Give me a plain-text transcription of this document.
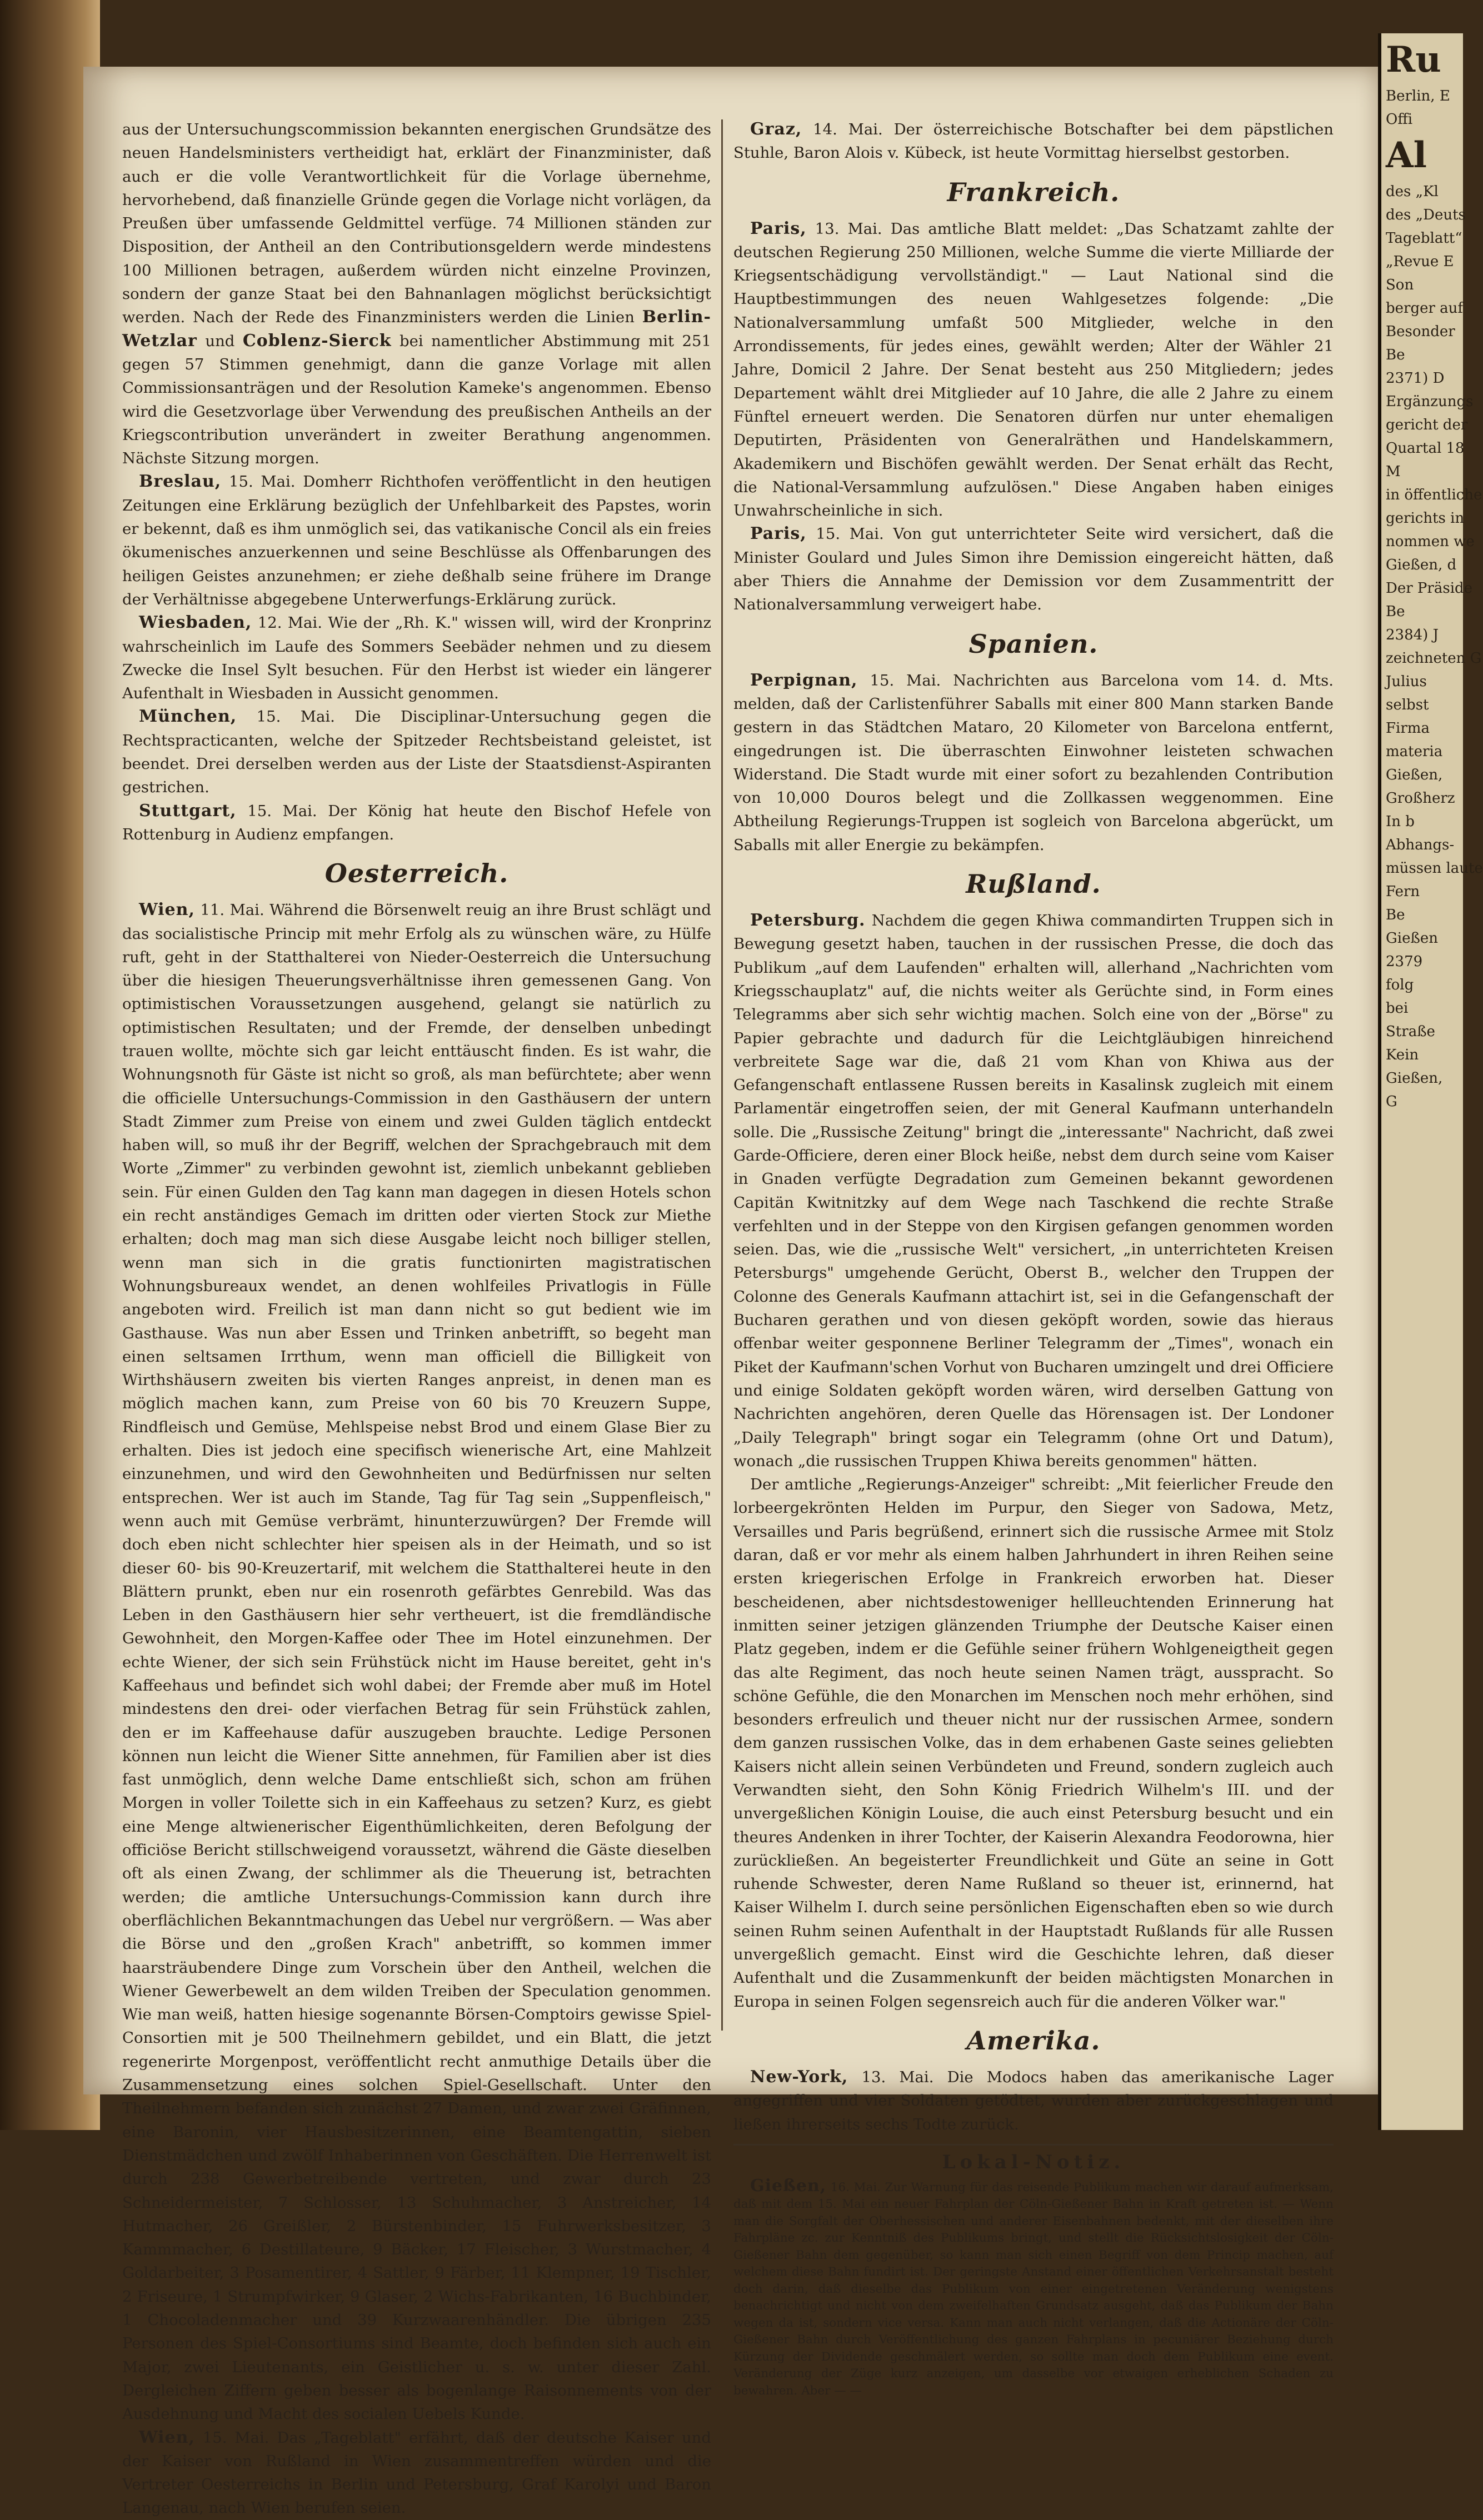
aus der Untersuchungscommission bekannten energischen Grundsätze des neuen Handelsministers vertheidigt hat, erklärt der Finanzminister, daß auch er die volle Verantwortlichkeit für die Vorlage übernehme, hervorhebend, daß finanzielle Gründe gegen die Vorlage nicht vorlägen, da Preußen über umfassende Geldmittel verfüge. 74 Millionen ständen zur Disposition, der Antheil an den Contributionsgeldern werde mindestens 100 Millionen betragen, außerdem würden nicht einzelne Provinzen, sondern der ganze Staat bei den Bahnanlagen möglichst berücksichtigt werden. Nach der Rede des Finanzministers werden die Linien Berlin-Wetzlar und Coblenz-Sierck bei namentlicher Abstimmung mit 251 gegen 57 Stimmen genehmigt, dann die ganze Vorlage mit allen Commissionsanträgen und der Resolution Kameke's angenommen. Ebenso wird die Gesetzvorlage über Verwendung des preußischen Antheils an der Kriegscontribution unverändert in zweiter Berathung angenommen. Nächste Sitzung morgen.

Breslau, 15. Mai. Domherr Richthofen veröffentlicht in den heutigen Zeitungen eine Erklärung bezüglich der Unfehlbarkeit des Papstes, worin er bekennt, daß es ihm unmöglich sei, das vatikanische Concil als ein freies ökumenisches anzuerkennen und seine Beschlüsse als Offenbarungen des heiligen Geistes anzunehmen; er ziehe deßhalb seine frühere im Drange der Verhältnisse abgegebene Unterwerfungs-Erklärung zurück.

Wiesbaden, 12. Mai. Wie der „Rh. K." wissen will, wird der Kronprinz wahrscheinlich im Laufe des Sommers Seebäder nehmen und zu diesem Zwecke die Insel Sylt besuchen. Für den Herbst ist wieder ein längerer Aufenthalt in Wiesbaden in Aussicht genommen.

München, 15. Mai. Die Disciplinar-Untersuchung gegen die Rechtspracticanten, welche der Spitzeder Rechtsbeistand geleistet, ist beendet. Drei derselben werden aus der Liste der Staatsdienst-Aspiranten gestrichen.

Stuttgart, 15. Mai. Der König hat heute den Bischof Hefele von Rottenburg in Audienz empfangen.

Oesterreich.

Wien, 11. Mai. Während die Börsenwelt reuig an ihre Brust schlägt und das socialistische Princip mit mehr Erfolg als zu wünschen wäre, zu Hülfe ruft, geht in der Statthalterei von Nieder-Oesterreich die Untersuchung über die hiesigen Theuerungsverhältnisse ihren gemessenen Gang. Von optimistischen Voraussetzungen ausgehend, gelangt sie natürlich zu optimistischen Resultaten; und der Fremde, der denselben unbedingt trauen wollte, möchte sich gar leicht enttäuscht finden. Es ist wahr, die Wohnungsnoth für Gäste ist nicht so groß, als man befürchtete; aber wenn die officielle Untersuchungs-Commission in den Gasthäusern der untern Stadt Zimmer zum Preise von einem und zwei Gulden täglich entdeckt haben will, so muß ihr der Begriff, welchen der Sprachgebrauch mit dem Worte „Zimmer" zu verbinden gewohnt ist, ziemlich unbekannt geblieben sein. Für einen Gulden den Tag kann man dagegen in diesen Hotels schon ein recht anständiges Gemach im dritten oder vierten Stock zur Miethe erhalten; doch mag man sich diese Ausgabe leicht noch billiger stellen, wenn man sich in die gratis functionirten magistratischen Wohnungsbureaux wendet, an denen wohlfeiles Privatlogis in Fülle angeboten wird. Freilich ist man dann nicht so gut bedient wie im Gasthause. Was nun aber Essen und Trinken anbetrifft, so begeht man einen seltsamen Irrthum, wenn man officiell die Billigkeit von Wirthshäusern zweiten bis vierten Ranges anpreist, in denen man es möglich machen kann, zum Preise von 60 bis 70 Kreuzern Suppe, Rindfleisch und Gemüse, Mehlspeise nebst Brod und einem Glase Bier zu erhalten. Dies ist jedoch eine specifisch wienerische Art, eine Mahlzeit einzunehmen, und wird den Gewohnheiten und Bedürfnissen nur selten entsprechen. Wer ist auch im Stande, Tag für Tag sein „Suppenfleisch," wenn auch mit Gemüse verbrämt, hinunterzuwürgen? Der Fremde will doch eben nicht schlechter hier speisen als in der Heimath, und so ist dieser 60- bis 90-Kreuzertarif, mit welchem die Statthalterei heute in den Blättern prunkt, eben nur ein rosenroth gefärbtes Genrebild. Was das Leben in den Gasthäusern hier sehr vertheuert, ist die fremdländische Gewohnheit, den Morgen-Kaffee oder Thee im Hotel einzunehmen. Der echte Wiener, der sich sein Frühstück nicht im Hause bereitet, geht in's Kaffeehaus und befindet sich wohl dabei; der Fremde aber muß im Hotel mindestens den drei- oder vierfachen Betrag für sein Frühstück zahlen, den er im Kaffeehause dafür auszugeben brauchte. Ledige Personen können nun leicht die Wiener Sitte annehmen, für Familien aber ist dies fast unmöglich, denn welche Dame entschließt sich, schon am frühen Morgen in voller Toilette sich in ein Kaffeehaus zu setzen? Kurz, es giebt eine Menge altwienerischer Eigenthümlichkeiten, deren Befolgung der officiöse Bericht stillschweigend voraussetzt, während die Gäste dieselben oft als einen Zwang, der schlimmer als die Theuerung ist, betrachten werden; die amtliche Untersuchungs-Commission kann durch ihre oberflächlichen Bekanntmachungen das Uebel nur vergrößern. — Was aber die Börse und den „großen Krach" anbetrifft, so kommen immer haarsträubendere Dinge zum Vorschein über den Antheil, welchen die Wiener Gewerbewelt an dem wilden Treiben der Speculation genommen. Wie man weiß, hatten hiesige sogenannte Börsen-Comptoirs gewisse Spiel-Consortien mit je 500 Theilnehmern gebildet, und ein Blatt, die jetzt regenerirte Morgenpost, veröffentlicht recht anmuthige Details über die Zusammensetzung eines solchen Spiel-Gesellschaft. Unter den Theilnehmern befanden sich zunächst 27 Damen, und zwar zwei Gräfinnen, eine Baronin, vier Hausbesitzerinnen, eine Beamtengattin, sieben Dienstmädchen und zwölf Inhaberinnen von Geschäften. Die Herrenwelt ist durch 238 Gewerbetreibende vertreten, und zwar durch 23 Schneidermeister, 7 Schlosser, 13 Schuhmacher, 3 Anstreicher, 14 Hutmacher, 26 Greißler, 2 Bürstenbinder, 15 Fuhrwerksbesitzer, 3 Kammmacher, 6 Destillateure, 9 Bäcker, 17 Fleischer, 3 Wurstmacher, 4 Goldarbeiter, 3 Posamentirer, 4 Sattler, 9 Färber, 11 Klempner, 19 Tischler, 2 Friseure, 1 Strumpfwirker, 9 Glaser, 2 Wichs-Fabrikanten, 16 Buchbinder, 1 Chocoladenmacher und 39 Kurzwaarenhändler. Die übrigen 235 Personen des Spiel-Consortiums sind Beamte, doch befinden sich auch ein Major, zwei Lieutenants, ein Geistlicher u. s. w. unter dieser Zahl. Dergleichen Ziffern geben besser als bogenlange Raisonnements von der Ausdehnung und Macht des socialen Uebels Kunde.

Wien, 15. Mai. Das „Tageblatt" erfährt, daß der deutsche Kaiser und der Kaiser von Rußland in Wien zusammentreffen würden und die Vertreter Oesterreichs in Berlin und Petersburg, Graf Karolyi und Baron Langenau, nach Wien berufen seien.

Graz, 14. Mai. Der österreichische Botschafter bei dem päpstlichen Stuhle, Baron Alois v. Kübeck, ist heute Vormittag hierselbst gestorben.

Frankreich.

Paris, 13. Mai. Das amtliche Blatt meldet: „Das Schatzamt zahlte der deutschen Regierung 250 Millionen, welche Summe die vierte Milliarde der Kriegsentschädigung vervollständigt." — Laut National sind die Hauptbestimmungen des neuen Wahlgesetzes folgende: „Die Nationalversammlung umfaßt 500 Mitglieder, welche in den Arrondissements, für jedes eines, gewählt werden; Alter der Wähler 21 Jahre, Domicil 2 Jahre. Der Senat besteht aus 250 Mitgliedern; jedes Departement wählt drei Mitglieder auf 10 Jahre, die alle 2 Jahre zu einem Fünftel erneuert werden. Die Senatoren dürfen nur unter ehemaligen Deputirten, Präsidenten von Generalräthen und Handelskammern, Akademikern und Bischöfen gewählt werden. Der Senat erhält das Recht, die National-Versammlung aufzulösen." Diese Angaben haben einiges Unwahrscheinliche in sich.

Paris, 15. Mai. Von gut unterrichteter Seite wird versichert, daß die Minister Goulard und Jules Simon ihre Demission eingereicht hätten, daß aber Thiers die Annahme der Demission vor dem Zusammentritt der Nationalversammlung verweigert habe.

Spanien.

Perpignan, 15. Mai. Nachrichten aus Barcelona vom 14. d. Mts. melden, daß der Carlistenführer Saballs mit einer 800 Mann starken Bande gestern in das Städtchen Mataro, 20 Kilometer von Barcelona entfernt, eingedrungen ist. Die überraschten Einwohner leisteten schwachen Widerstand. Die Stadt wurde mit einer sofort zu bezahlenden Contribution von 10,000 Douros belegt und die Zollkassen weggenommen. Eine Abtheilung Regierungs-Truppen ist sogleich von Barcelona abgerückt, um Saballs mit aller Energie zu bekämpfen.

Rußland.

Petersburg. Nachdem die gegen Khiwa commandirten Truppen sich in Bewegung gesetzt haben, tauchen in der russischen Presse, die doch das Publikum „auf dem Laufenden" erhalten will, allerhand „Nachrichten vom Kriegsschauplatz" auf, die nichts weiter als Gerüchte sind, in Form eines Telegramms aber sich sehr wichtig machen. Solch eine von der „Börse" zu Papier gebrachte und dadurch für die Leichtgläubigen hinreichend verbreitete Sage war die, daß 21 vom Khan von Khiwa aus der Gefangenschaft entlassene Russen bereits in Kasalinsk zugleich mit einem Parlamentär eingetroffen seien, der mit General Kaufmann unterhandeln solle. Die „Russische Zeitung" bringt die „interessante" Nachricht, daß zwei Garde-Officiere, deren einer Block heiße, nebst dem durch seine vom Kaiser in Gnaden verfügte Degradation zum Gemeinen bekannt gewordenen Capitän Kwitnitzky auf dem Wege nach Taschkend die rechte Straße verfehlten und in der Steppe von den Kirgisen gefangen genommen worden seien. Das, wie die „russische Welt" versichert, „in unterrichteten Kreisen Petersburgs" umgehende Gerücht, Oberst B., welcher den Truppen der Colonne des Generals Kaufmann attachirt ist, sei in die Gefangenschaft der Bucharen gerathen und von diesen geköpft worden, sowie das hieraus offenbar weiter gesponnene Berliner Telegramm der „Times", wonach ein Piket der Kaufmann'schen Vorhut von Bucharen umzingelt und drei Officiere und einige Soldaten geköpft worden wären, wird derselben Gattung von Nachrichten angehören, deren Quelle das Hörensagen ist. Der Londoner „Daily Telegraph" bringt sogar ein Telegramm (ohne Ort und Datum), wonach „die russischen Truppen Khiwa bereits genommen" hätten.

Der amtliche „Regierungs-Anzeiger" schreibt: „Mit feierlicher Freude den lorbeergekrönten Helden im Purpur, den Sieger von Sadowa, Metz, Versailles und Paris begrüßend, erinnert sich die russische Armee mit Stolz daran, daß er vor mehr als einem halben Jahrhundert in ihren Reihen seine ersten kriegerischen Erfolge in Frankreich erworben hat. Dieser bescheidenen, aber nichtsdestoweniger hellleuchtenden Erinnerung hat inmitten seiner jetzigen glänzenden Triumphe der Deutsche Kaiser einen Platz gegeben, indem er die Gefühle seiner frühern Wohlgeneigtheit gegen das alte Regiment, das noch heute seinen Namen trägt, ausspracht. So schöne Gefühle, die den Monarchen im Menschen noch mehr erhöhen, sind besonders erfreulich und theuer nicht nur der russischen Armee, sondern dem ganzen russischen Volke, das in dem erhabenen Gaste seines geliebten Kaisers nicht allein seinen Verbündeten und Freund, sondern zugleich auch Verwandten sieht, den Sohn König Friedrich Wilhelm's III. und der unvergeßlichen Königin Louise, die auch einst Petersburg besucht und ein theures Andenken in ihrer Tochter, der Kaiserin Alexandra Feodorowna, hier zurückließen. An begeisterter Freundlichkeit und Güte an seine in Gott ruhende Schwester, deren Name Rußland so theuer ist, erinnernd, hat Kaiser Wilhelm I. durch seine persönlichen Eigenschaften eben so wie durch seinen Ruhm seinen Aufenthalt in der Hauptstadt Rußlands für alle Russen unvergeßlich gemacht. Einst wird die Geschichte lehren, daß dieser Aufenthalt und die Zusammenkunft der beiden mächtigsten Monarchen in Europa in seinen Folgen segensreich auch für die anderen Völker war."

Amerika.

New-York, 13. Mai. Die Modocs haben das amerikanische Lager angegriffen und vier Soldaten getödtet, wurden aber zurückgeschlagen und ließen ihrerseits sechs Todte zurück.

Lokal-Notiz.

Gießen, 16. Mai. Zur Warnung für das reisende Publikum machen wir darauf aufmerksam, daß mit dem 15. Mai ein neuer Fahrplan der Cöln-Gießener Bahn in Kraft getreten ist. — Wenn man die Sorgfalt der Oberhessischen und anderer Eisenbahnen bedenkt, mit der dieselben ihre Fahrpläne zc. zur Kenntniß des Publikums bringt, und stellt die Rücksichtslosigkeit der Cöln-Gießener Bahn dem gegenüber, so kann man sich einen Begriff von dem Princip machen, auf welchem diese Bahn fundirt ist. Der geringste Anstand einer öffentlichen Verkehrsanstalt besteht doch darin, daß dieselbe das Publikum von einer eingetretenen Veränderung wenigstens benachrichtigt und nicht von dem zweifelhaften Grundsatz ausgeht, daß das Publikum der Bahn wegen da ist, sondern vice versa. Kann man auch nicht verlangen, daß die Actionäre der Cöln-Gießener Bahn durch Veröffentlichung des ganzen Fahrplans in pecuniärer Beziehung durch Kürzung der Dividende geschmälert werden, so sollte man doch dem Publikum eine event. Veränderung der Züge kurz anzeigen, um dasselbe vor etwaigen erheblichen Schaden zu bewahren. Aber — —

Ru
Berlin, E
Offi
Al
des „Kl
des „Deuts
Tageblatt“
„Revue E
Son
berger auf
Besonder
Be
2371) D
Ergänzungs
gericht der
Quartal 18
M
in öffentliche
gerichts in
nommen we
Gießen, d
Der Präside
Be
2384) J
zeichneten G
Julius
selbst
Firma
materia
Gießen,
Großherz
In b
Abhangs-
müssen laute
Fern
Be
Gießen
2379
folg
bei
Straße
Kein
Gießen,
G
